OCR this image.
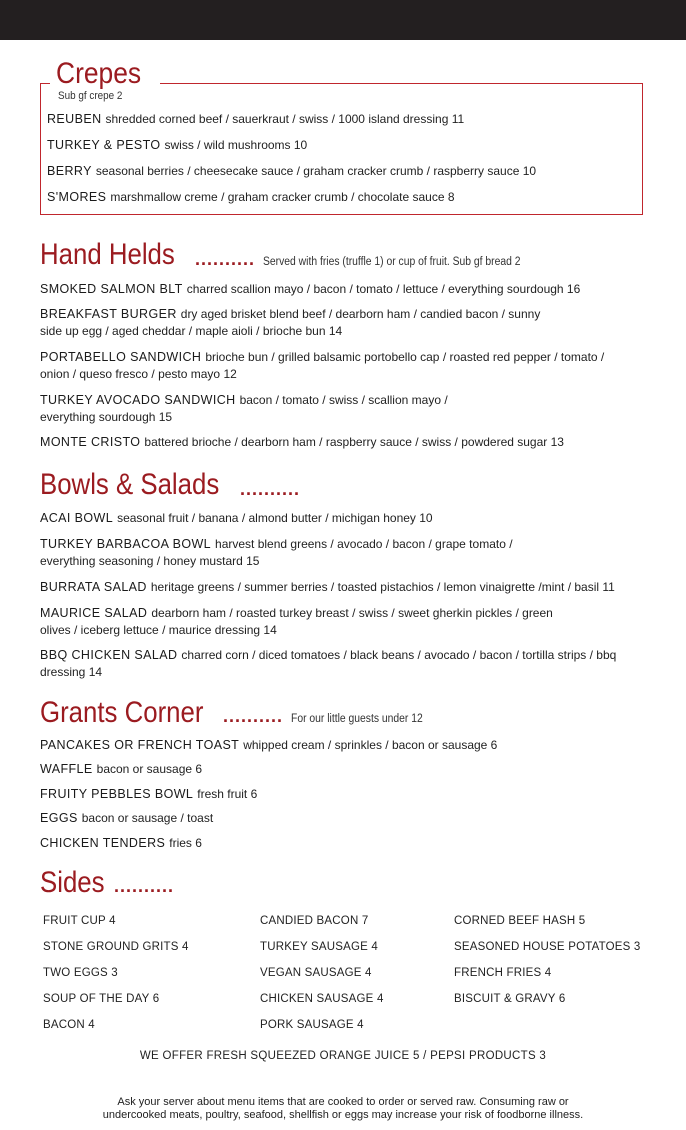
Crepes
Sub gf crepe 2
REUBEN shredded corned beef / sauerkraut / swiss / 1000 island dressing 11
TURKEY & PESTO swiss / wild mushrooms 10
BERRY seasonal berries / cheesecake sauce / graham cracker crumb / raspberry sauce 10
S'MORES marshmallow creme / graham cracker crumb / chocolate sauce 8
Hand Helds	.......... Served with fries (truffle 1) or cup of fruit. Sub gf bread 2
SMOKED SALMON BLT charred scallion mayo / bacon / tomato / lettuce / everything sourdough 16
BREAKFAST BURGER dry aged brisket blend beef / dearborn ham / candied bacon / sunny side up egg / aged cheddar / maple aioli / brioche bun 14
PORTABELLO SANDWICH brioche bun / grilled balsamic portobello cap / roasted red pepper / tomato / onion / queso fresco / pesto mayo 12
TURKEY AVOCADO SANDWICH bacon / tomato / swiss / scallion mayo / everything sourdough 15
MONTE CRISTO battered brioche / dearborn ham / raspberry sauce / swiss / powdered sugar 13
Bowls & Salads ..........
ACAI BOWL seasonal fruit / banana / almond butter / michigan honey 10
TURKEY BARBACOA BOWL harvest blend greens / avocado / bacon / grape tomato / everything seasoning / honey mustard 15
BURRATA SALAD heritage greens / summer berries / toasted pistachios / lemon vinaigrette /mint / basil 11
MAURICE SALAD dearborn ham / roasted turkey breast / swiss / sweet gherkin pickles / green olives / iceberg lettuce / maurice dressing 14
BBQ CHICKEN SALAD charred corn / diced tomatoes / black beans / avocado / bacon / tortilla strips / bbq dressing 14
Grants Corner .......... For our little guests under 12
PANCAKES OR FRENCH TOAST whipped cream / sprinkles / bacon or sausage 6
WAFFLE bacon or sausage 6
FRUITY PEBBLES BOWL fresh fruit 6
EGGS bacon or sausage / toast
CHICKEN TENDERS fries 6
Sides ..........
FRUIT CUP 4
STONE GROUND GRITS 4
TWO EGGS 3
SOUP OF THE DAY 6
BACON 4
CANDIED BACON 7
TURKEY SAUSAGE 4
VEGAN SAUSAGE 4
CHICKEN SAUSAGE 4
PORK SAUSAGE 4
CORNED BEEF HASH 5
SEASONED HOUSE POTATOES 3
FRENCH FRIES 4
BISCUIT & GRAVY 6
WE OFFER FRESH SQUEEZED ORANGE JUICE 5 / PEPSI PRODUCTS 3
Ask your server about menu items that are cooked to order or served raw. Consuming raw or
undercooked meats, poultry, seafood, shellfish or eggs may increase your risk of foodborne illness.
